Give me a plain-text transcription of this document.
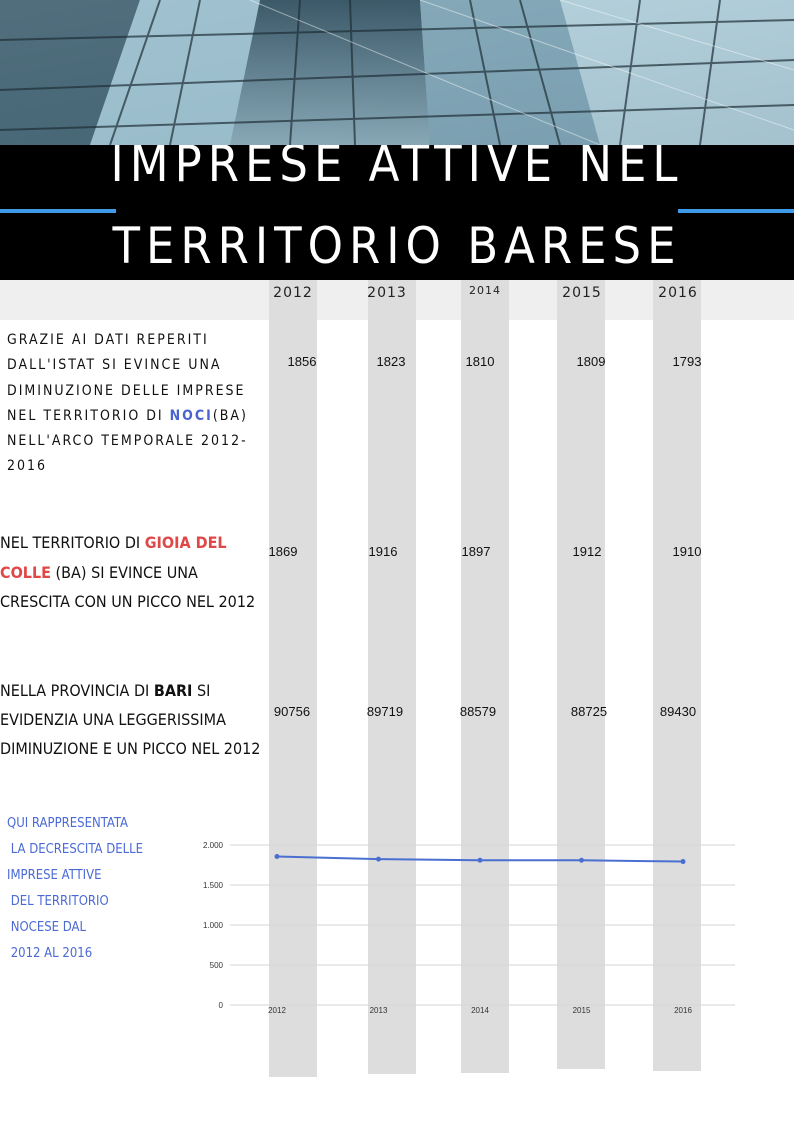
IMPRESE ATTIVE NEL
TERRITORIO BARESE
2012	2013	2014	2015	2016
GRAZIE AI DATI REPERITI DALL'ISTAT SI EVINCE UNA DIMINUZIONE DELLE IMPRESE NEL TERRITORIO DI NOCI(BA) NELL'ARCO TEMPORALE 2012-2016
1856	1823	1810	1809	1793
NEL TERRITORIO DI GIOIA DEL COLLE (BA) SI EVINCE UNA CRESCITA CON UN PICCO NEL 2012
1869	1916	1897	1912	1910
NELLA PROVINCIA DI BARI SI EVIDENZIA UNA LEGGERISSIMA DIMINUZIONE E UN PICCO NEL 2012
90756	89719	88579	88725	89430
QUI RAPPRESENTATA
LA DECRESCITA DELLE
IMPRESE ATTIVE
DEL TERRITORIO
NOCESE DAL
2012 AL 2016
0
500
1.000
1.500
2.000
2012	2013	2014	2015	2016
